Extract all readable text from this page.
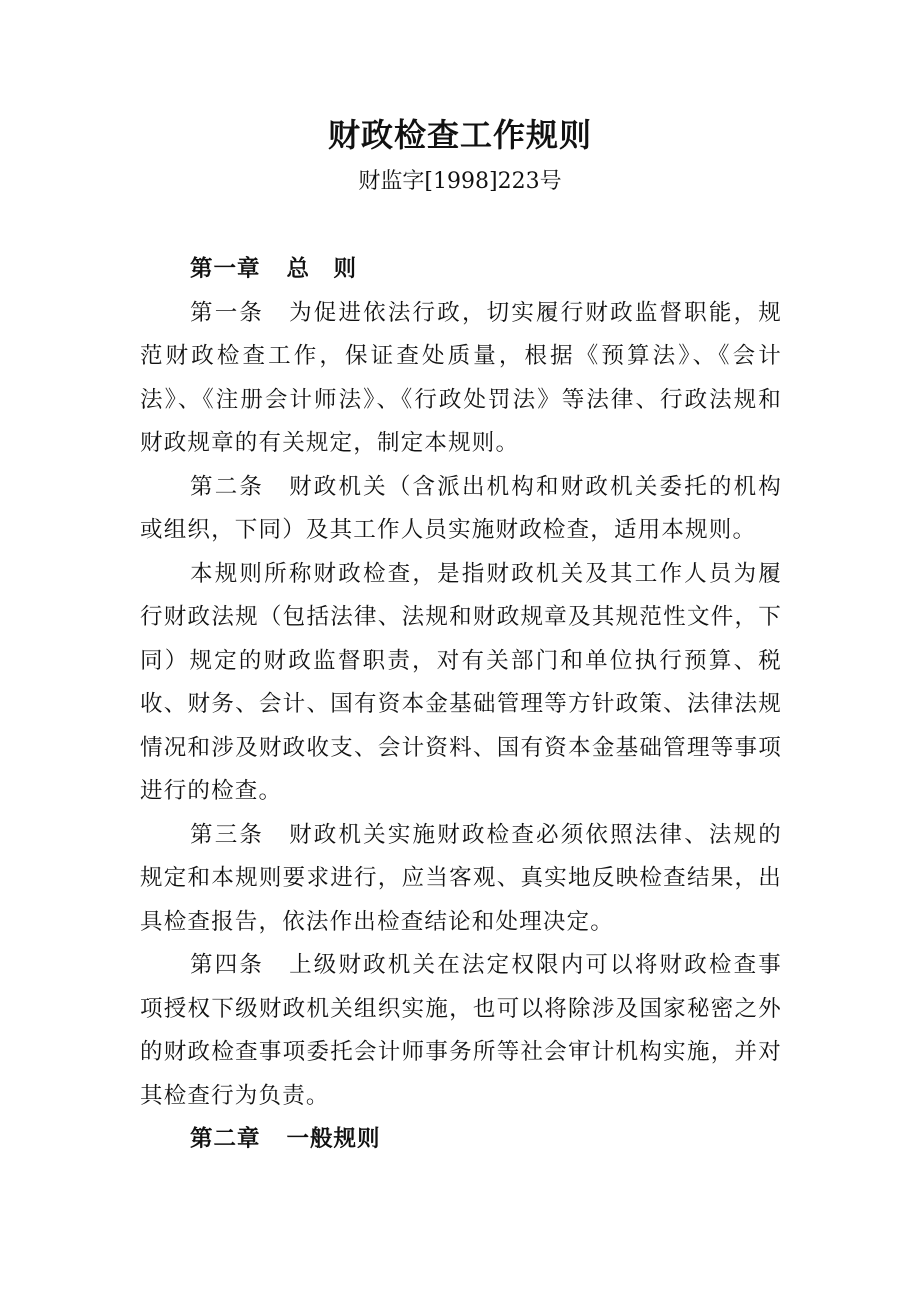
财政检查工作规则
财监字[1998]223号

第一章 总　则

第一条 为促进依法行政，切实履行财政监督职能，规范财政检查工作，保证查处质量，根据《预算法》、《会计法》、《注册会计师法》、《行政处罚法》等法律、行政法规和财政规章的有关规定，制定本规则。

第二条 财政机关（含派出机构和财政机关委托的机构或组织，下同）及其工作人员实施财政检查，适用本规则。

本规则所称财政检查，是指财政机关及其工作人员为履行财政法规（包括法律、法规和财政规章及其规范性文件，下同）规定的财政监督职责，对有关部门和单位执行预算、税收、财务、会计、国有资本金基础管理等方针政策、法律法规情况和涉及财政收支、会计资料、国有资本金基础管理等事项进行的检查。

第三条 财政机关实施财政检查必须依照法律、法规的规定和本规则要求进行，应当客观、真实地反映检查结果，出具检查报告，依法作出检查结论和处理决定。

第四条 上级财政机关在法定权限内可以将财政检查事项授权下级财政机关组织实施，也可以将除涉及国家秘密之外的财政检查事项委托会计师事务所等社会审计机构实施，并对其检查行为负责。

第二章 一般规则
